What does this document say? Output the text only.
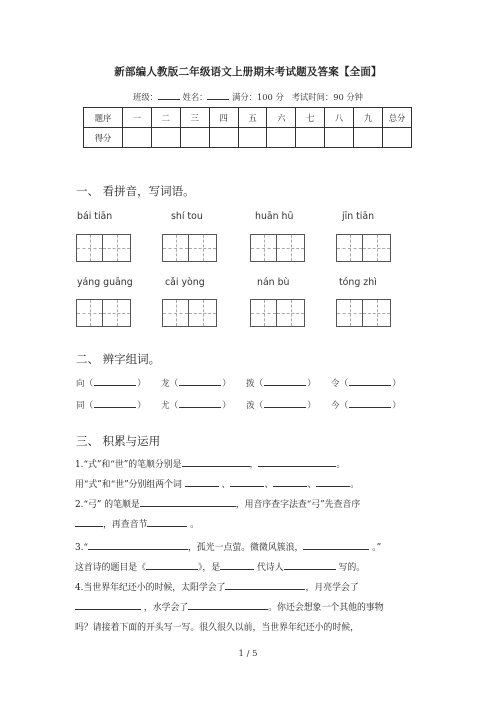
新部编人教版二年级语文上册期末考试题及答案【全面】
班级：	姓名：	满分：100 分 考试时间：90 分钟
题序	一	二	三	四	五	六	七	八	九	总分
得分										
一、 看拼音，写词语。
bái tiān	shí tou	huān hū	jīn tiān
yáng guāng	cǎi yòng	nán bù	tóng zhì
二、 辨字组词。
向（	） 龙（	） 拨（	） 令（	）
同（	） 尤（	） 泼（	） 今（	）
三、 积累与运用
1.“式”和“世”的笔顺分别是	，	。
用“式”和“世”分别组两个词	、	、	、	。
2.“弓” 的笔顺是	，用音序查字法查“弓”先查音序
，再查音节	。
3.“	，孤光一点萤。微微风簇浪，	。”
这首诗的题目是《	》，是	代诗人	写的。
4.当世界年纪还小的时候，太阳学会了	，月亮学会了
，水学会了	。你还会想象一个其他的事物
吗？请接着下面的开头写一写。很久很久以前，当世界年纪还小的时候，
1 / 5
